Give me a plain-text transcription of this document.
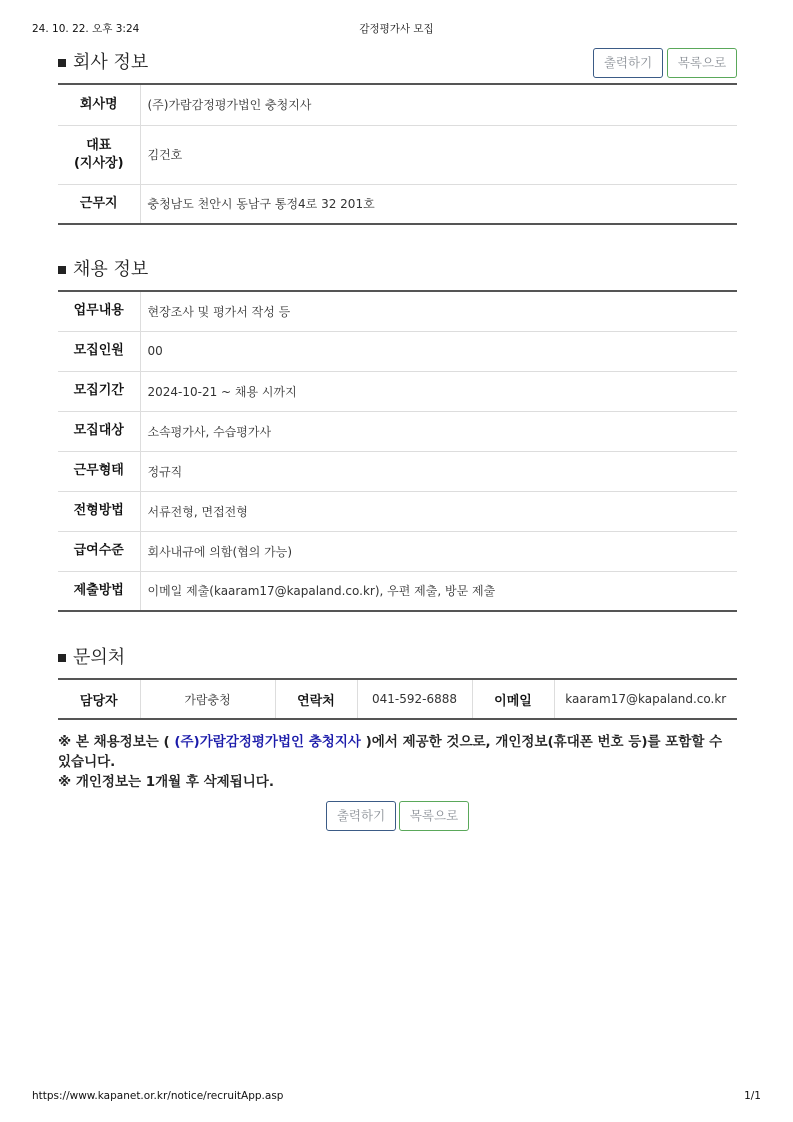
24. 10. 22. 오후 3:24	감정평가사 모집
회사 정보	출력하기	목록으로
회사명	(주)가람감정평가법인 충청지사
대표
(지사장)	김건호
근무지	충청남도 천안시 동남구 통정4로 32 201호
채용 정보
업무내용	현장조사 및 평가서 작성 등
모집인원	00
모집기간	2024-10-21 ~ 채용 시까지
모집대상	소속평가사, 수습평가사
근무형태	정규직
전형방법	서류전형, 면접전형
급여수준	회사내규에 의함(협의 가능)
제출방법	이메일 제출(kaaram17@kapaland.co.kr), 우편 제출, 방문 제출
문의처
담당자	가람충청	연락처	041-592-6888	이메일	kaaram17@kapaland.co.kr
※ 본 채용정보는 ( (주)가람감정평가법인 충청지사 )에서 제공한 것으로, 개인정보(휴대폰 번호 등)를 포함할 수 있습니다.
※ 개인정보는 1개월 후 삭제됩니다.
출력하기	목록으로
https://www.kapanet.or.kr/notice/recruitApp.asp	1/1
